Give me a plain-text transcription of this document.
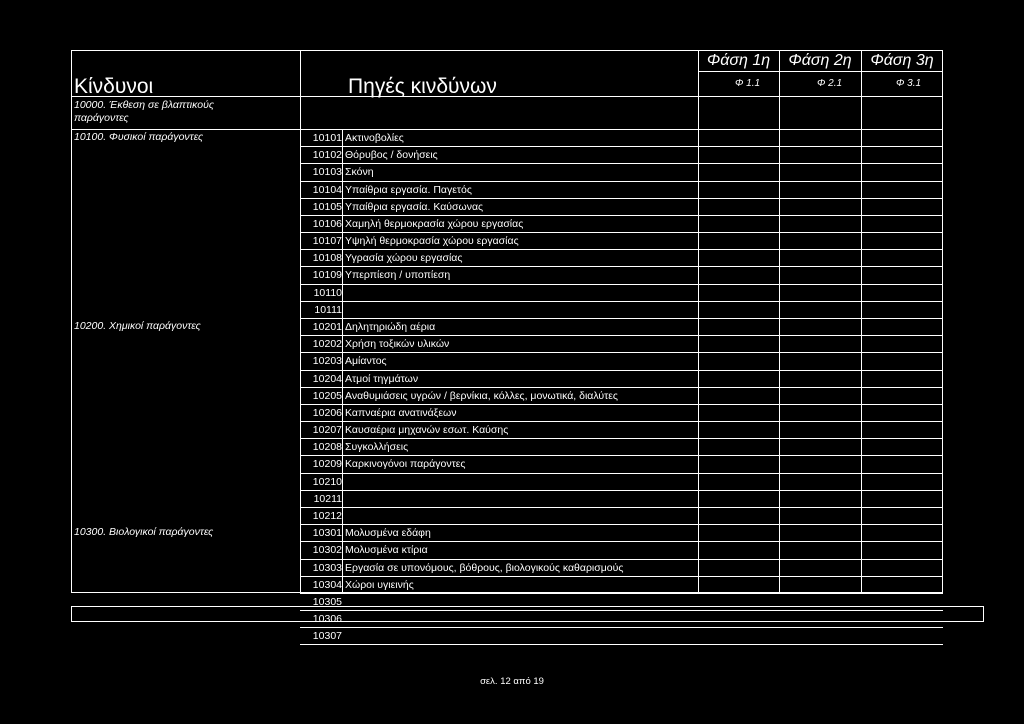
Κίνδυνοι	Πηγές κινδύνων
Φάση 1η	Φάση 2η	Φάση 3η
Φ 1.1	Φ 2.1	Φ 3.1
10000. Έκθεση σε βλαπτικούς παράγοντες
10100. Φυσικοί παράγοντες	10101 Ακτινοβολίες
10102 Θόρυβος / δονήσεις
10103 Σκόνη
10104 Υπαίθρια εργασία. Παγετός
10105 Υπαίθρια εργασία. Καύσωνας
10106 Χαμηλή θερμοκρασία χώρου εργασίας
10107 Υψηλή θερμοκρασία χώρου εργασίας
10108 Υγρασία χώρου εργασίας
10109 Υπερπίεση / υποπίεση
10110
10111
10200. Χημικοί παράγοντες	10201 Δηλητηριώδη αέρια
10202 Χρήση τοξικών υλικών
10203 Αμίαντος
10204 Ατμοί τηγμάτων
10205 Αναθυμιάσεις υγρών / βερνίκια, κόλλες, μονωτικά, διαλύτες
10206 Καπναέρια ανατινάξεων
10207 Καυσαέρια μηχανών εσωτ. Καύσης
10208 Συγκολλήσεις
10209 Καρκινογόνοι παράγοντες
10210
10211
10212
10300. Βιολογικοί παράγοντες	10301 Μολυσμένα εδάφη
10302 Μολυσμένα κτίρια
10303 Εργασία σε υπονόμους, βόθρους, βιολογικούς καθαρισμούς
10304 Χώροι υγιεινής
10305
10306
10307
σελ. 12 από 19
